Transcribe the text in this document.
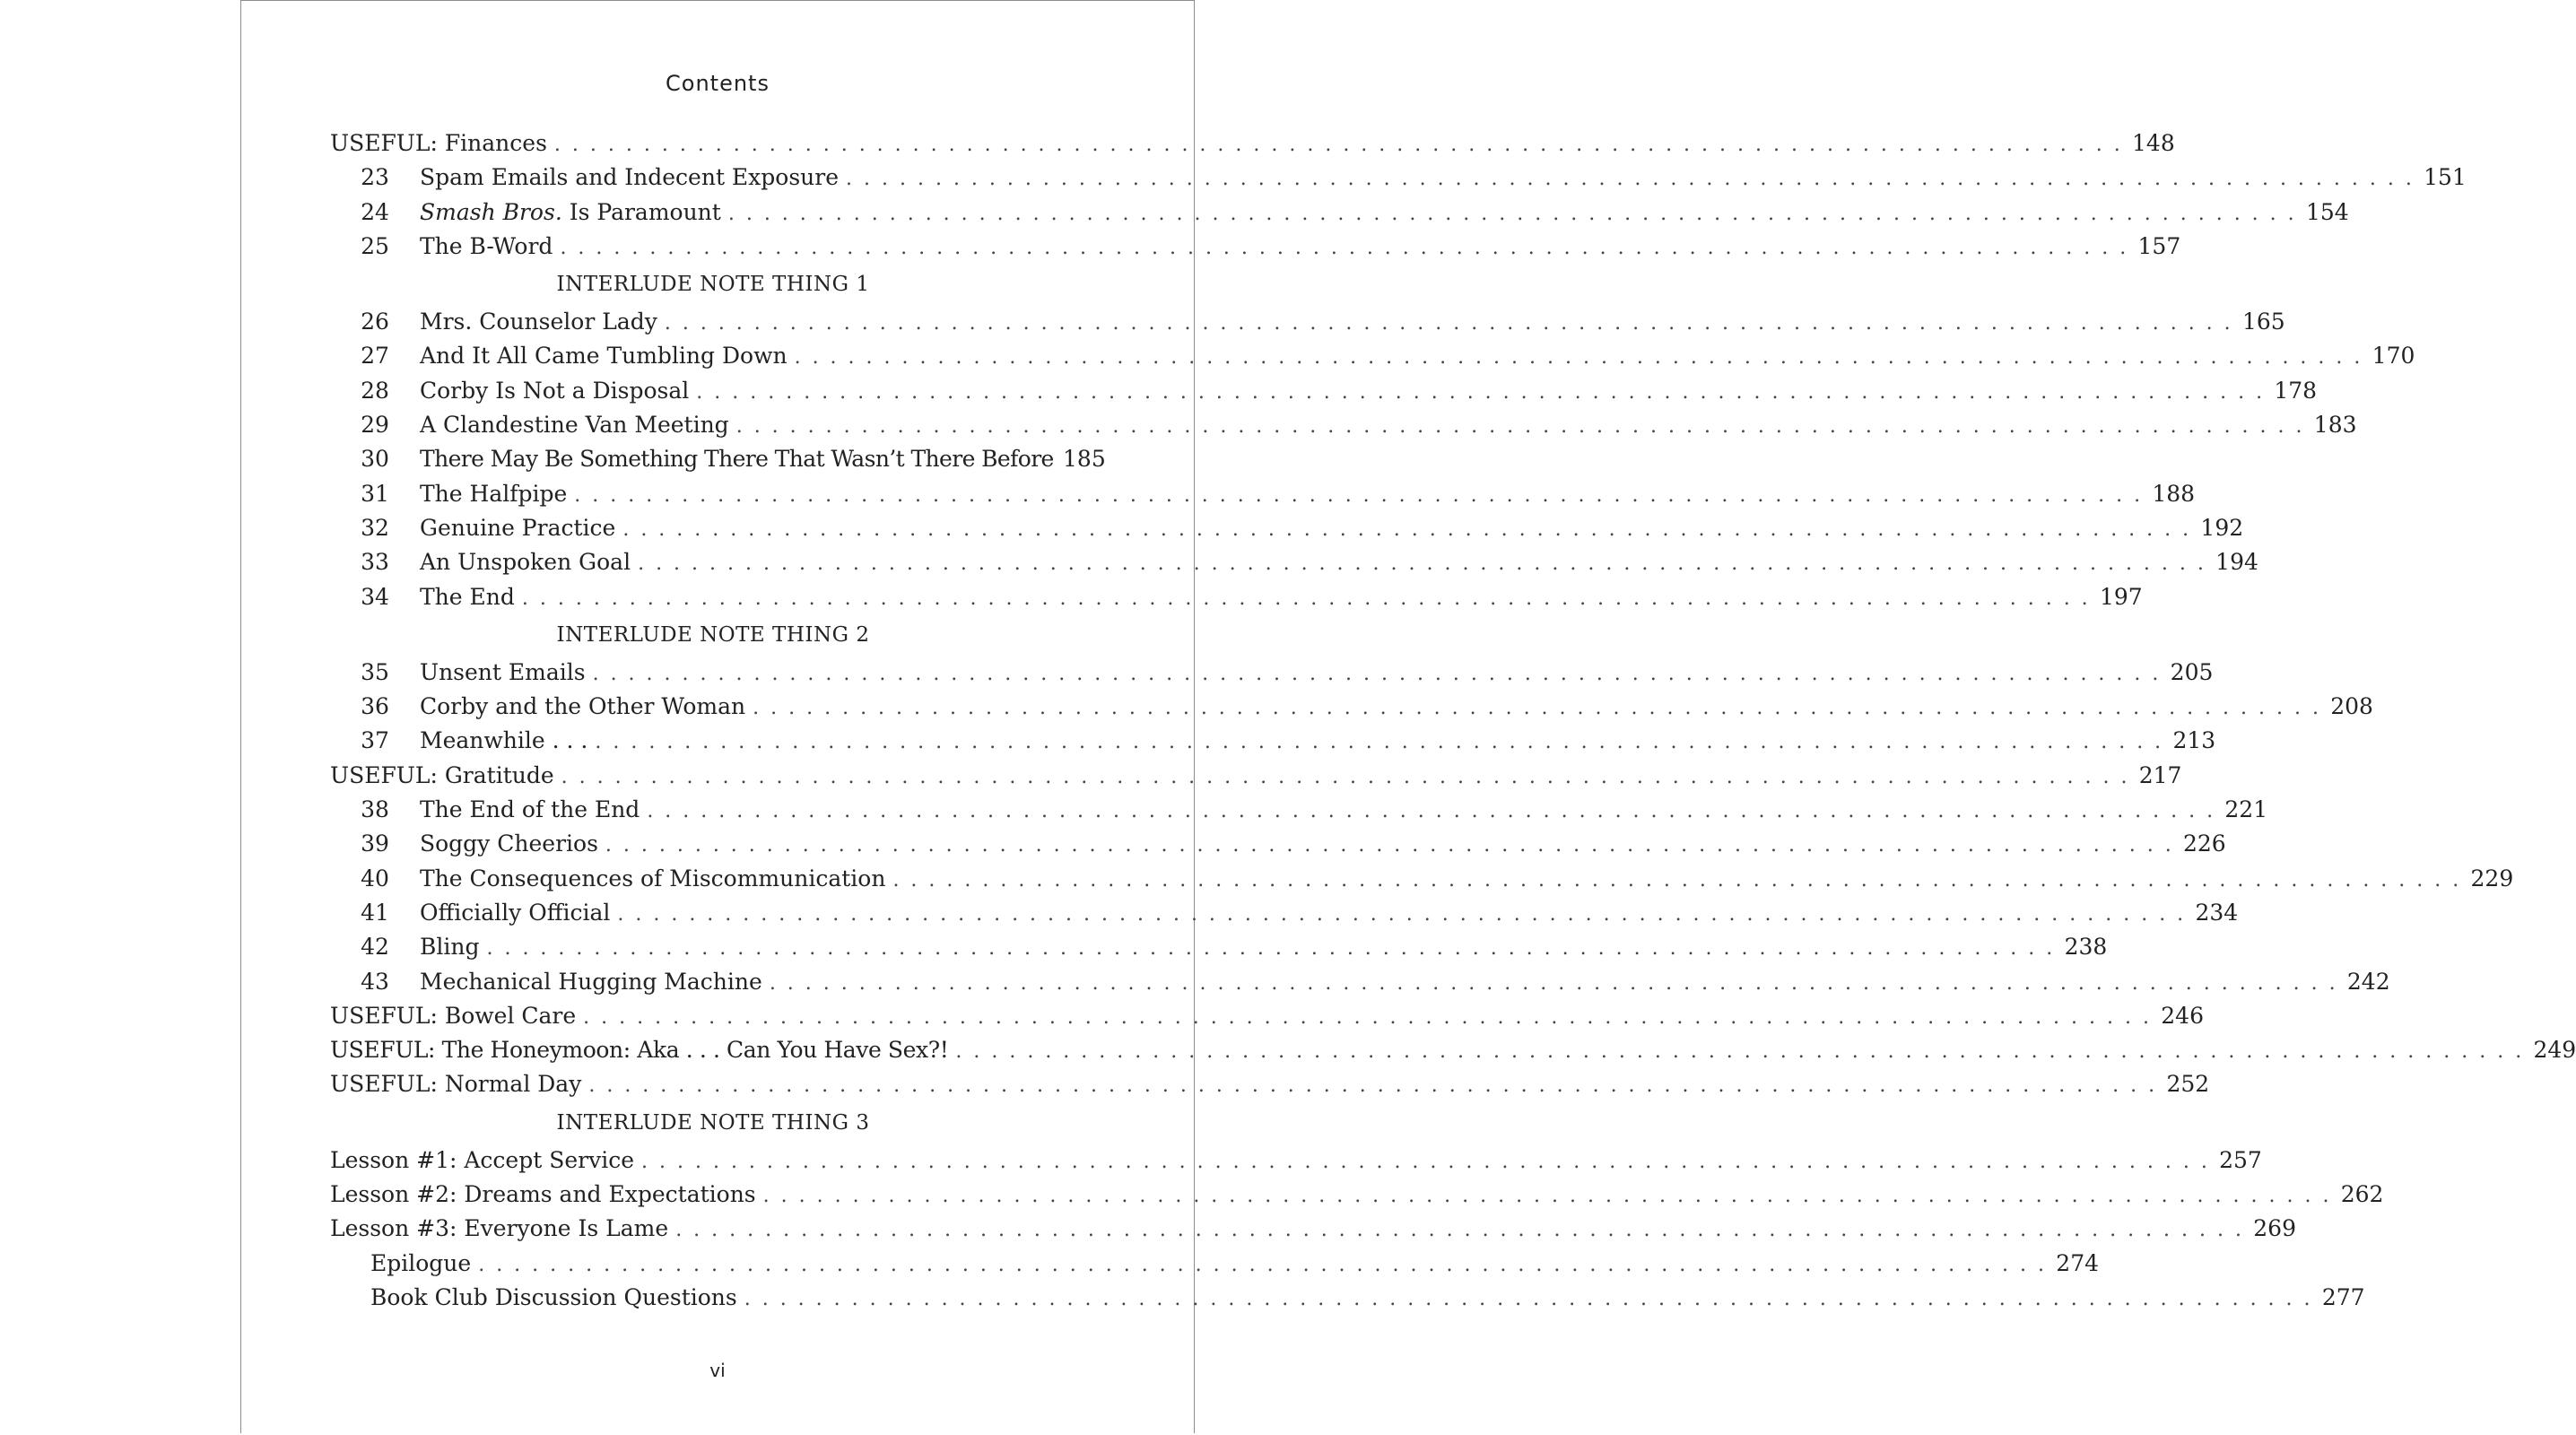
Contents
USEFUL: Finances . . . . . . . . . . . . . . . . . . . . . . . . . . . . . . . . . . . . . . . . . . . . . . . . . . . . . . . . . . . . . . . . . . . . . . . . . . . . . . . . . . . . . . . . 148
23	Spam Emails and Indecent Exposure . . . . . . . . . . . . . . . . . . . . . . . . . . . . . . . . . . . . . . . . . . . . . . . . . . . . . . . . . . . . . . . . . . . . . . . . . . . . . . . . . . . . . . . . 151
24	Smash Bros. Is Paramount . . . . . . . . . . . . . . . . . . . . . . . . . . . . . . . . . . . . . . . . . . . . . . . . . . . . . . . . . . . . . . . . . . . . . . . . . . . . . . . . . . . . . . . . 154
25	The B-Word . . . . . . . . . . . . . . . . . . . . . . . . . . . . . . . . . . . . . . . . . . . . . . . . . . . . . . . . . . . . . . . . . . . . . . . . . . . . . . . . . . . . . . . . 157
INTERLUDE NOTE THING 1
26	Mrs. Counselor Lady . . . . . . . . . . . . . . . . . . . . . . . . . . . . . . . . . . . . . . . . . . . . . . . . . . . . . . . . . . . . . . . . . . . . . . . . . . . . . . . . . . . . . . . . 165
27	And It All Came Tumbling Down . . . . . . . . . . . . . . . . . . . . . . . . . . . . . . . . . . . . . . . . . . . . . . . . . . . . . . . . . . . . . . . . . . . . . . . . . . . . . . . . . . . . . . . . 170
28	Corby Is Not a Disposal . . . . . . . . . . . . . . . . . . . . . . . . . . . . . . . . . . . . . . . . . . . . . . . . . . . . . . . . . . . . . . . . . . . . . . . . . . . . . . . . . . . . . . . . 178
29	A Clandestine Van Meeting . . . . . . . . . . . . . . . . . . . . . . . . . . . . . . . . . . . . . . . . . . . . . . . . . . . . . . . . . . . . . . . . . . . . . . . . . . . . . . . . . . . . . . . . 183
30	There May Be Something There That Wasn’t There Before 185
31	The Halfpipe . . . . . . . . . . . . . . . . . . . . . . . . . . . . . . . . . . . . . . . . . . . . . . . . . . . . . . . . . . . . . . . . . . . . . . . . . . . . . . . . . . . . . . . . 188
32	Genuine Practice . . . . . . . . . . . . . . . . . . . . . . . . . . . . . . . . . . . . . . . . . . . . . . . . . . . . . . . . . . . . . . . . . . . . . . . . . . . . . . . . . . . . . . . . 192
33	An Unspoken Goal . . . . . . . . . . . . . . . . . . . . . . . . . . . . . . . . . . . . . . . . . . . . . . . . . . . . . . . . . . . . . . . . . . . . . . . . . . . . . . . . . . . . . . . . 194
34	The End . . . . . . . . . . . . . . . . . . . . . . . . . . . . . . . . . . . . . . . . . . . . . . . . . . . . . . . . . . . . . . . . . . . . . . . . . . . . . . . . . . . . . . . . 197
INTERLUDE NOTE THING 2
35	Unsent Emails . . . . . . . . . . . . . . . . . . . . . . . . . . . . . . . . . . . . . . . . . . . . . . . . . . . . . . . . . . . . . . . . . . . . . . . . . . . . . . . . . . . . . . . . 205
36	Corby and the Other Woman . . . . . . . . . . . . . . . . . . . . . . . . . . . . . . . . . . . . . . . . . . . . . . . . . . . . . . . . . . . . . . . . . . . . . . . . . . . . . . . . . . . . . . . . 208
37	Meanwhile . . . . . . . . . . . . . . . . . . . . . . . . . . . . . . . . . . . . . . . . . . . . . . . . . . . . . . . . . . . . . . . . . . . . . . . . . . . . . . . . . . . . . . . . . . . 213
USEFUL: Gratitude . . . . . . . . . . . . . . . . . . . . . . . . . . . . . . . . . . . . . . . . . . . . . . . . . . . . . . . . . . . . . . . . . . . . . . . . . . . . . . . . . . . . . . . . 217
38	The End of the End . . . . . . . . . . . . . . . . . . . . . . . . . . . . . . . . . . . . . . . . . . . . . . . . . . . . . . . . . . . . . . . . . . . . . . . . . . . . . . . . . . . . . . . . 221
39	Soggy Cheerios . . . . . . . . . . . . . . . . . . . . . . . . . . . . . . . . . . . . . . . . . . . . . . . . . . . . . . . . . . . . . . . . . . . . . . . . . . . . . . . . . . . . . . . . 226
40	The Consequences of Miscommunication . . . . . . . . . . . . . . . . . . . . . . . . . . . . . . . . . . . . . . . . . . . . . . . . . . . . . . . . . . . . . . . . . . . . . . . . . . . . . . . . . . . . . . . . 229
41	Officially Official . . . . . . . . . . . . . . . . . . . . . . . . . . . . . . . . . . . . . . . . . . . . . . . . . . . . . . . . . . . . . . . . . . . . . . . . . . . . . . . . . . . . . . . . 234
42	Bling . . . . . . . . . . . . . . . . . . . . . . . . . . . . . . . . . . . . . . . . . . . . . . . . . . . . . . . . . . . . . . . . . . . . . . . . . . . . . . . . . . . . . . . . 238
43	Mechanical Hugging Machine . . . . . . . . . . . . . . . . . . . . . . . . . . . . . . . . . . . . . . . . . . . . . . . . . . . . . . . . . . . . . . . . . . . . . . . . . . . . . . . . . . . . . . . . 242
USEFUL: Bowel Care . . . . . . . . . . . . . . . . . . . . . . . . . . . . . . . . . . . . . . . . . . . . . . . . . . . . . . . . . . . . . . . . . . . . . . . . . . . . . . . . . . . . . . . . 246
USEFUL: The Honeymoon: Aka . . . Can You Have Sex?! . . . . . . . . . . . . . . . . . . . . . . . . . . . . . . . . . . . . . . . . . . . . . . . . . . . . . . . . . . . . . . . . . . . . . . . . . . . . . . . . . . . . . . . . 249
USEFUL: Normal Day . . . . . . . . . . . . . . . . . . . . . . . . . . . . . . . . . . . . . . . . . . . . . . . . . . . . . . . . . . . . . . . . . . . . . . . . . . . . . . . . . . . . . . . . 252
INTERLUDE NOTE THING 3
Lesson #1: Accept Service . . . . . . . . . . . . . . . . . . . . . . . . . . . . . . . . . . . . . . . . . . . . . . . . . . . . . . . . . . . . . . . . . . . . . . . . . . . . . . . . . . . . . . . . 257
Lesson #2: Dreams and Expectations . . . . . . . . . . . . . . . . . . . . . . . . . . . . . . . . . . . . . . . . . . . . . . . . . . . . . . . . . . . . . . . . . . . . . . . . . . . . . . . . . . . . . . . . 262
Lesson #3: Everyone Is Lame . . . . . . . . . . . . . . . . . . . . . . . . . . . . . . . . . . . . . . . . . . . . . . . . . . . . . . . . . . . . . . . . . . . . . . . . . . . . . . . . . . . . . . . . 269
Epilogue . . . . . . . . . . . . . . . . . . . . . . . . . . . . . . . . . . . . . . . . . . . . . . . . . . . . . . . . . . . . . . . . . . . . . . . . . . . . . . . . . . . . . . . . 274
Book Club Discussion Questions . . . . . . . . . . . . . . . . . . . . . . . . . . . . . . . . . . . . . . . . . . . . . . . . . . . . . . . . . . . . . . . . . . . . . . . . . . . . . . . . . . . . . . . . 277
vi
